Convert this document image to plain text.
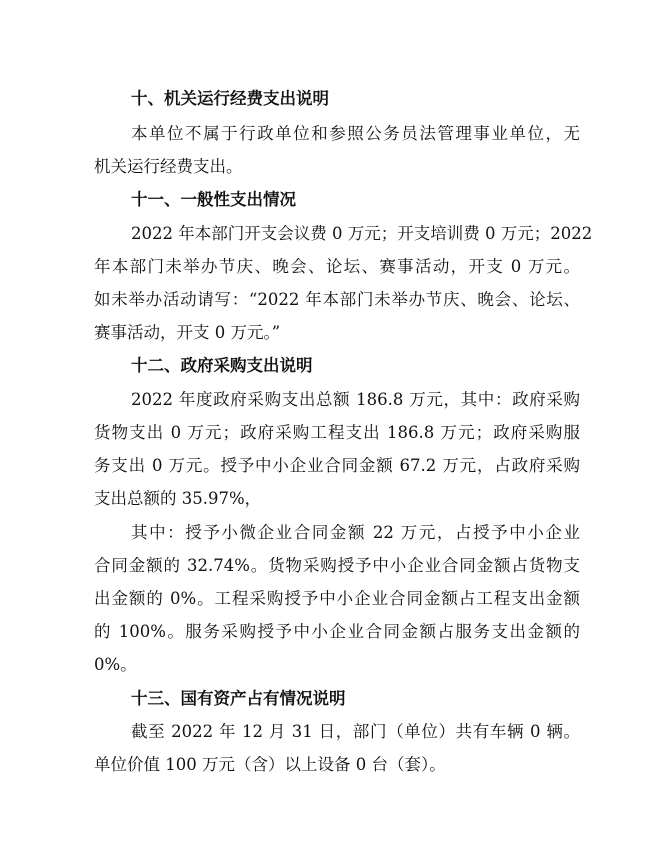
十、机关运行经费支出说明
本单位不属于行政单位和参照公务员法管理事业单位，无
机关运行经费支出。
十一、一般性支出情况
2022 年本部门开支会议费 0 万元；开支培训费 0 万元；2022
年本部门未举办节庆、晚会、论坛、赛事活动，开支 0 万元。
如未举办活动请写：“2022 年本部门未举办节庆、晚会、论坛、
赛事活动，开支 0 万元。”
十二、政府采购支出说明
2022 年度政府采购支出总额 186.8 万元，其中：政府采购
货物支出 0 万元；政府采购工程支出 186.8 万元；政府采购服
务支出 0 万元。授予中小企业合同金额 67.2 万元，占政府采购
支出总额的 35.97%，
其中：授予小微企业合同金额 22 万元，占授予中小企业
合同金额的 32.74%。货物采购授予中小企业合同金额占货物支
出金额的 0%。工程采购授予中小企业合同金额占工程支出金额
的 100%。服务采购授予中小企业合同金额占服务支出金额的
0%。
十三、国有资产占有情况说明
截至 2022 年 12 月 31 日，部门（单位）共有车辆 0 辆。
单位价值 100 万元（含）以上设备 0 台（套）。
